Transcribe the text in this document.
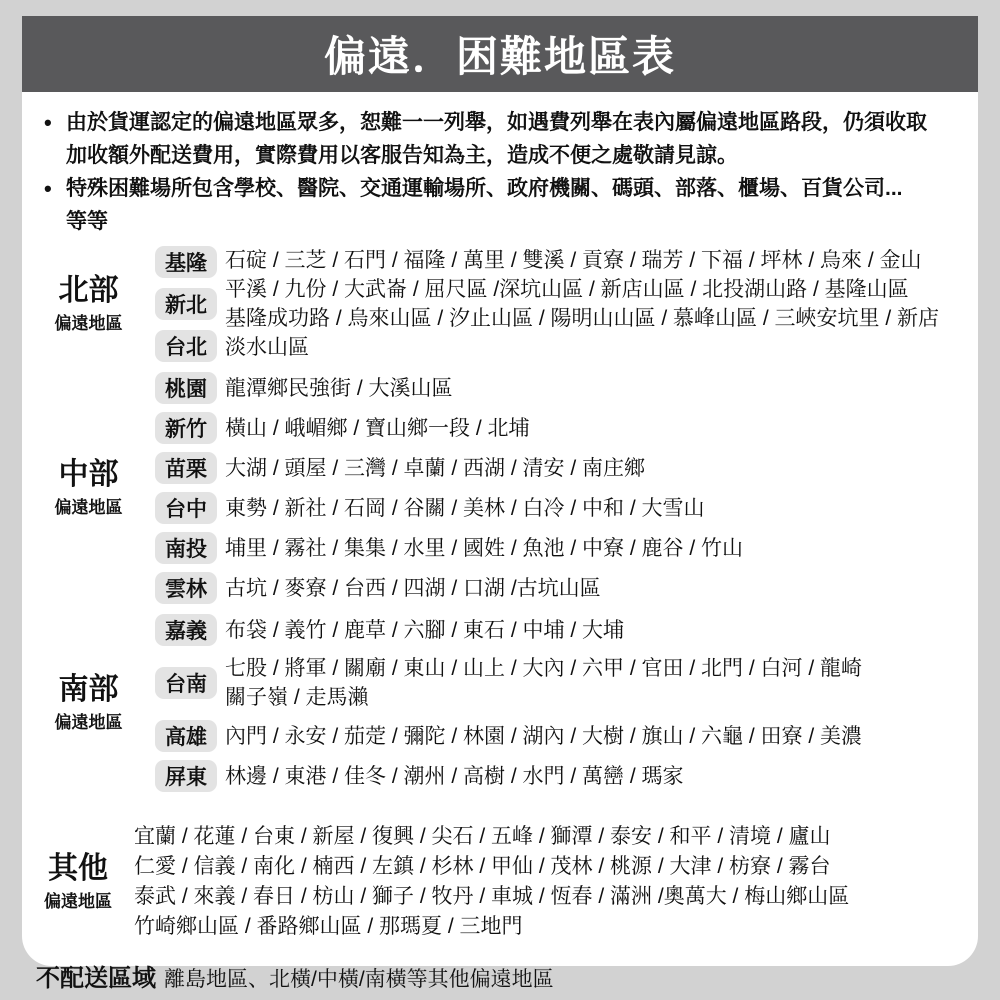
偏遠．困難地區表
• 由於貨運認定的偏遠地區眾多，恕難一一列舉，如遇費列舉在表內屬偏遠地區路段，仍須收取
加收額外配送費用，實際費用以客服告知為主，造成不便之處敬請見諒。
• 特殊困難場所包含學校、醫院、交通運輸場所、政府機關、碼頭、部落、櫃場、百貨公司...
等等
北部
偏遠地區
基隆
新北
台北
石碇 / 三芝 / 石門 / 福隆 / 萬里 / 雙溪 / 貢寮 / 瑞芳 / 下福 / 坪林 / 烏來 / 金山
平溪 / 九份 / 大武崙 / 屈尺區 /深坑山區 / 新店山區 / 北投湖山路 / 基隆山區
基隆成功路 / 烏來山區 / 汐止山區 / 陽明山山區 / 慕峰山區 / 三峽安坑里 / 新店
淡水山區
中部
偏遠地區
桃園 龍潭鄉民強街 / 大溪山區
新竹 橫山 / 峨嵋鄉 / 寶山鄉一段 / 北埔
苗栗 大湖 / 頭屋 / 三灣 / 卓蘭 / 西湖 / 清安 / 南庄鄉
台中 東勢 / 新社 / 石岡 / 谷關 / 美林 / 白冷 / 中和 / 大雪山
南投 埔里 / 霧社 / 集集 / 水里 / 國姓 / 魚池 / 中寮 / 鹿谷 / 竹山
雲林 古坑 / 麥寮 / 台西 / 四湖 / 口湖 /古坑山區
南部
偏遠地區
嘉義 布袋 / 義竹 / 鹿草 / 六腳 / 東石 / 中埔 / 大埔
台南
七股 / 將軍 / 關廟 / 東山 / 山上 / 大內 / 六甲 / 官田 / 北門 / 白河 / 龍崎
關子嶺 / 走馬瀨
高雄 內門 / 永安 / 茄萣 / 彌陀 / 林園 / 湖內 / 大樹 / 旗山 / 六龜 / 田寮 / 美濃
屏東 林邊 / 東港 / 佳冬 / 潮州 / 高樹 / 水門 / 萬巒 / 瑪家
其他
偏遠地區
宜蘭 / 花蓮 / 台東 / 新屋 / 復興 / 尖石 / 五峰 / 獅潭 / 泰安 / 和平 / 清境 / 廬山
仁愛 / 信義 / 南化 / 楠西 / 左鎮 / 杉林 / 甲仙 / 茂林 / 桃源 / 大津 / 枋寮 / 霧台
泰武 / 來義 / 春日 / 枋山 / 獅子 / 牧丹 / 車城 / 恆春 / 滿洲 /奧萬大 / 梅山鄉山區
竹崎鄉山區 / 番路鄉山區 / 那瑪夏 / 三地門
不配送區域 離島地區、北橫/中橫/南橫等其他偏遠地區
